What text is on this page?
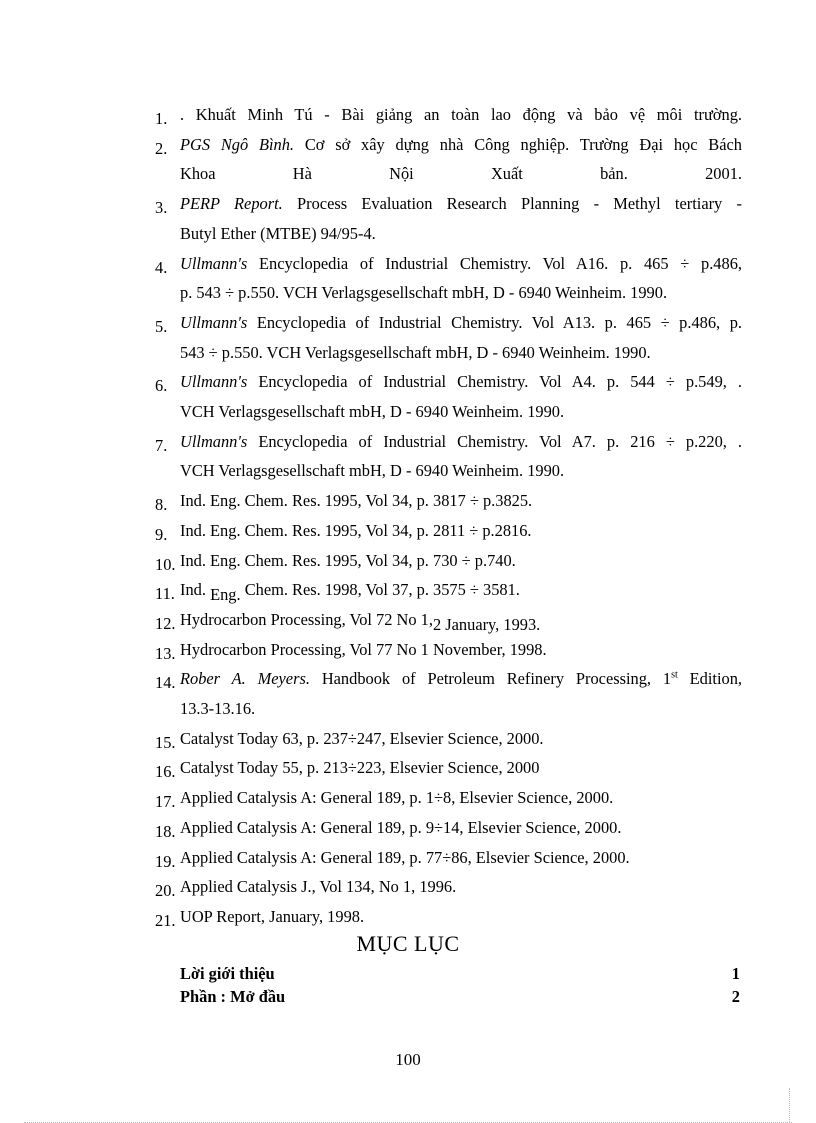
1. . Khuất Minh Tú - Bài giảng an toàn lao động và bảo vệ môi trường.
2. PGS Ngô Bình. Cơ sở xây dựng nhà Công nghiệp. Trường Đại học Bách
Khoa Hà Nội Xuất bản. 2001.
3. PERP Report. Process Evaluation Research Planning - Methyl tertiary -
Butyl Ether (MTBE) 94/95-4.
4. Ullmann's Encyclopedia of Industrial Chemistry. Vol A16. p. 465 ÷ p.486,
p. 543 ÷ p.550. VCH Verlagsgesellschaft mbH, D - 6940 Weinheim. 1990.
5. Ullmann's Encyclopedia of Industrial Chemistry. Vol A13. p. 465 ÷ p.486, p.
543 ÷ p.550. VCH Verlagsgesellschaft mbH, D - 6940 Weinheim. 1990.
6. Ullmann's Encyclopedia of Industrial Chemistry. Vol A4. p. 544 ÷ p.549, .
VCH Verlagsgesellschaft mbH, D - 6940 Weinheim. 1990.
7. Ullmann's Encyclopedia of Industrial Chemistry. Vol A7. p. 216 ÷ p.220, .
VCH Verlagsgesellschaft mbH, D - 6940 Weinheim. 1990.
8. Ind. Eng. Chem. Res. 1995, Vol 34, p. 3817 ÷ p.3825.
9. Ind. Eng. Chem. Res. 1995, Vol 34, p. 2811 ÷ p.2816.
10. Ind. Eng. Chem. Res. 1995, Vol 34, p. 730 ÷ p.740.
11. Ind. Eng. Chem. Res. 1998, Vol 37, p. 3575 ÷ 3581.
12. Hydrocarbon Processing, Vol 72 No 1,2 January, 1993.
13. Hydrocarbon Processing, Vol 77 No 1 November, 1998.
14. Rober A. Meyers. Handbook of Petroleum Refinery Processing, 1st Edition,
13.3-13.16.
15. Catalyst Today 63, p. 237÷247, Elsevier Science, 2000.
16. Catalyst Today 55, p. 213÷223, Elsevier Science, 2000
17. Applied Catalysis A: General 189, p. 1÷8, Elsevier Science, 2000.
18. Applied Catalysis A: General 189, p. 9÷14, Elsevier Science, 2000.
19. Applied Catalysis A: General 189, p. 77÷86, Elsevier Science, 2000.
20. Applied Catalysis J., Vol 134, No 1, 1996.
21. UOP Report, January, 1998.
MỤC LỤC
Lời giới thiệu	1
Phần : Mở đầu	2
100
